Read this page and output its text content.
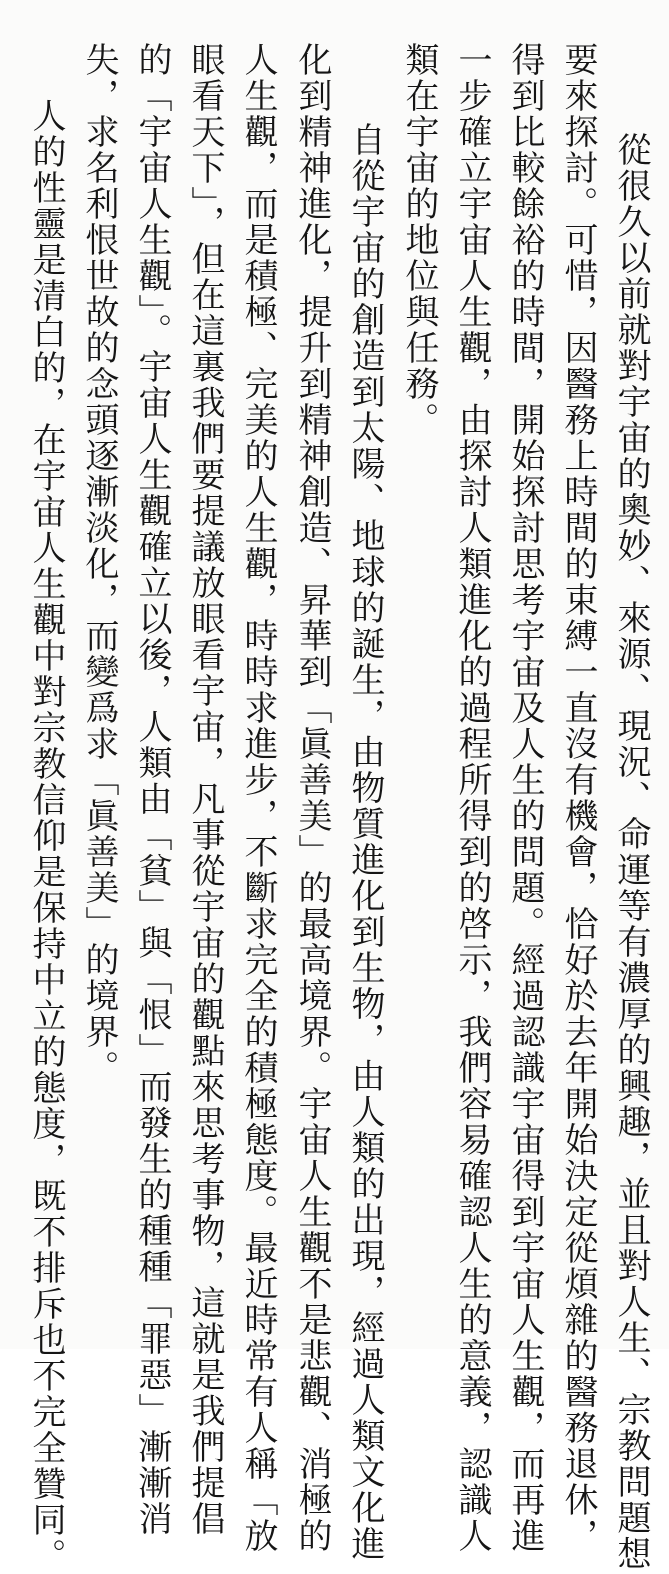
　從很久以前就對宇宙的奧妙、來源、現況、命運等有濃厚的興趣，並且對人生、宗教問題想
要來探討。可惜，因醫務上時間的束縛一直沒有機會，恰好於去年開始決定從煩雜的醫務退休，
得到比較餘裕的時間，開始探討思考宇宙及人生的問題。經過認識宇宙得到宇宙人生觀，而再進
一步確立宇宙人生觀，由探討人類進化的過程所得到的啓示，我們容易確認人生的意義，認識人
類在宇宙的地位與任務。
　自從宇宙的創造到太陽、地球的誕生，由物質進化到生物，由人類的出現，經過人類文化進
化到精神進化，提升到精神創造、昇華到「眞善美」的最高境界。宇宙人生觀不是悲觀、消極的
人生觀，而是積極、完美的人生觀，時時求進步，不斷求完全的積極態度。最近時常有人稱「放
眼看天下」，但在這裏我們要提議放眼看宇宙，凡事從宇宙的觀點來思考事物，這就是我們提倡
的「宇宙人生觀」。宇宙人生觀確立以後，人類由「貧」與「恨」而發生的種種「罪惡」漸漸消
失，求名利恨世故的念頭逐漸淡化，而變爲求「眞善美」的境界。
　人的性靈是清白的，在宇宙人生觀中對宗教信仰是保持中立的態度，既不排斥也不完全贊同。
